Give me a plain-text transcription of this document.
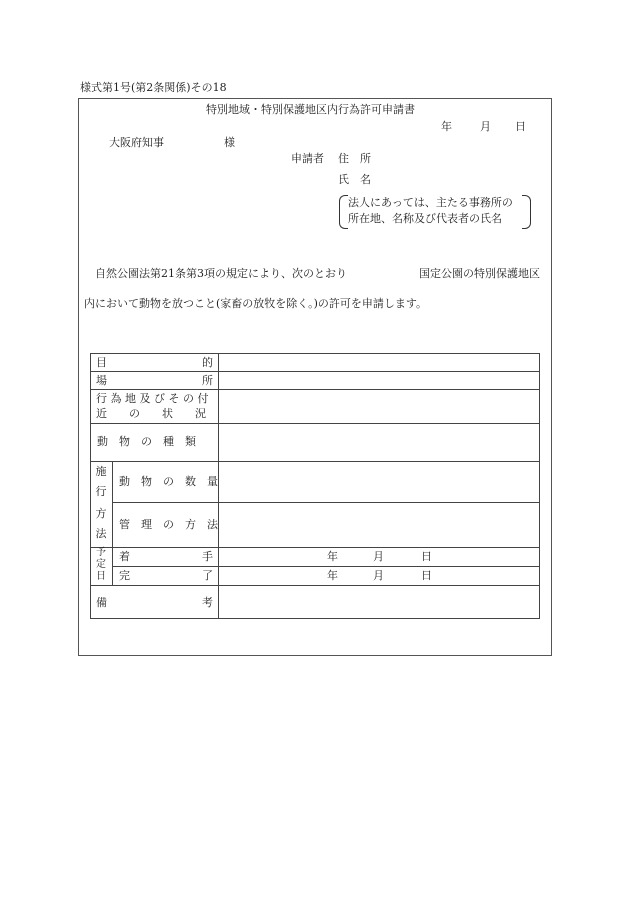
様式第1号(第2条関係)その18
特別地域・特別保護地区内行為許可申請書
年	月 日
大阪府知事	様
申請者 住　所
氏　名
法人にあっては、主たる事務所の
所在地、名称及び代表者の氏名
自然公園法第21条第3項の規定により、次のとおり	国定公園の特別保護地区
内において動物を放つこと(家畜の放牧を除く。)の許可を申請します。
目	的
場	所
行 為 地 及 び そ の 付
近　　の　　状　　況
動　物　の　種　類
施
行
方
法
動　物　の　数　量
管　理　の　方　法
予
定
日
着	手	年	月	日
完	了	年	月	日
備	考
